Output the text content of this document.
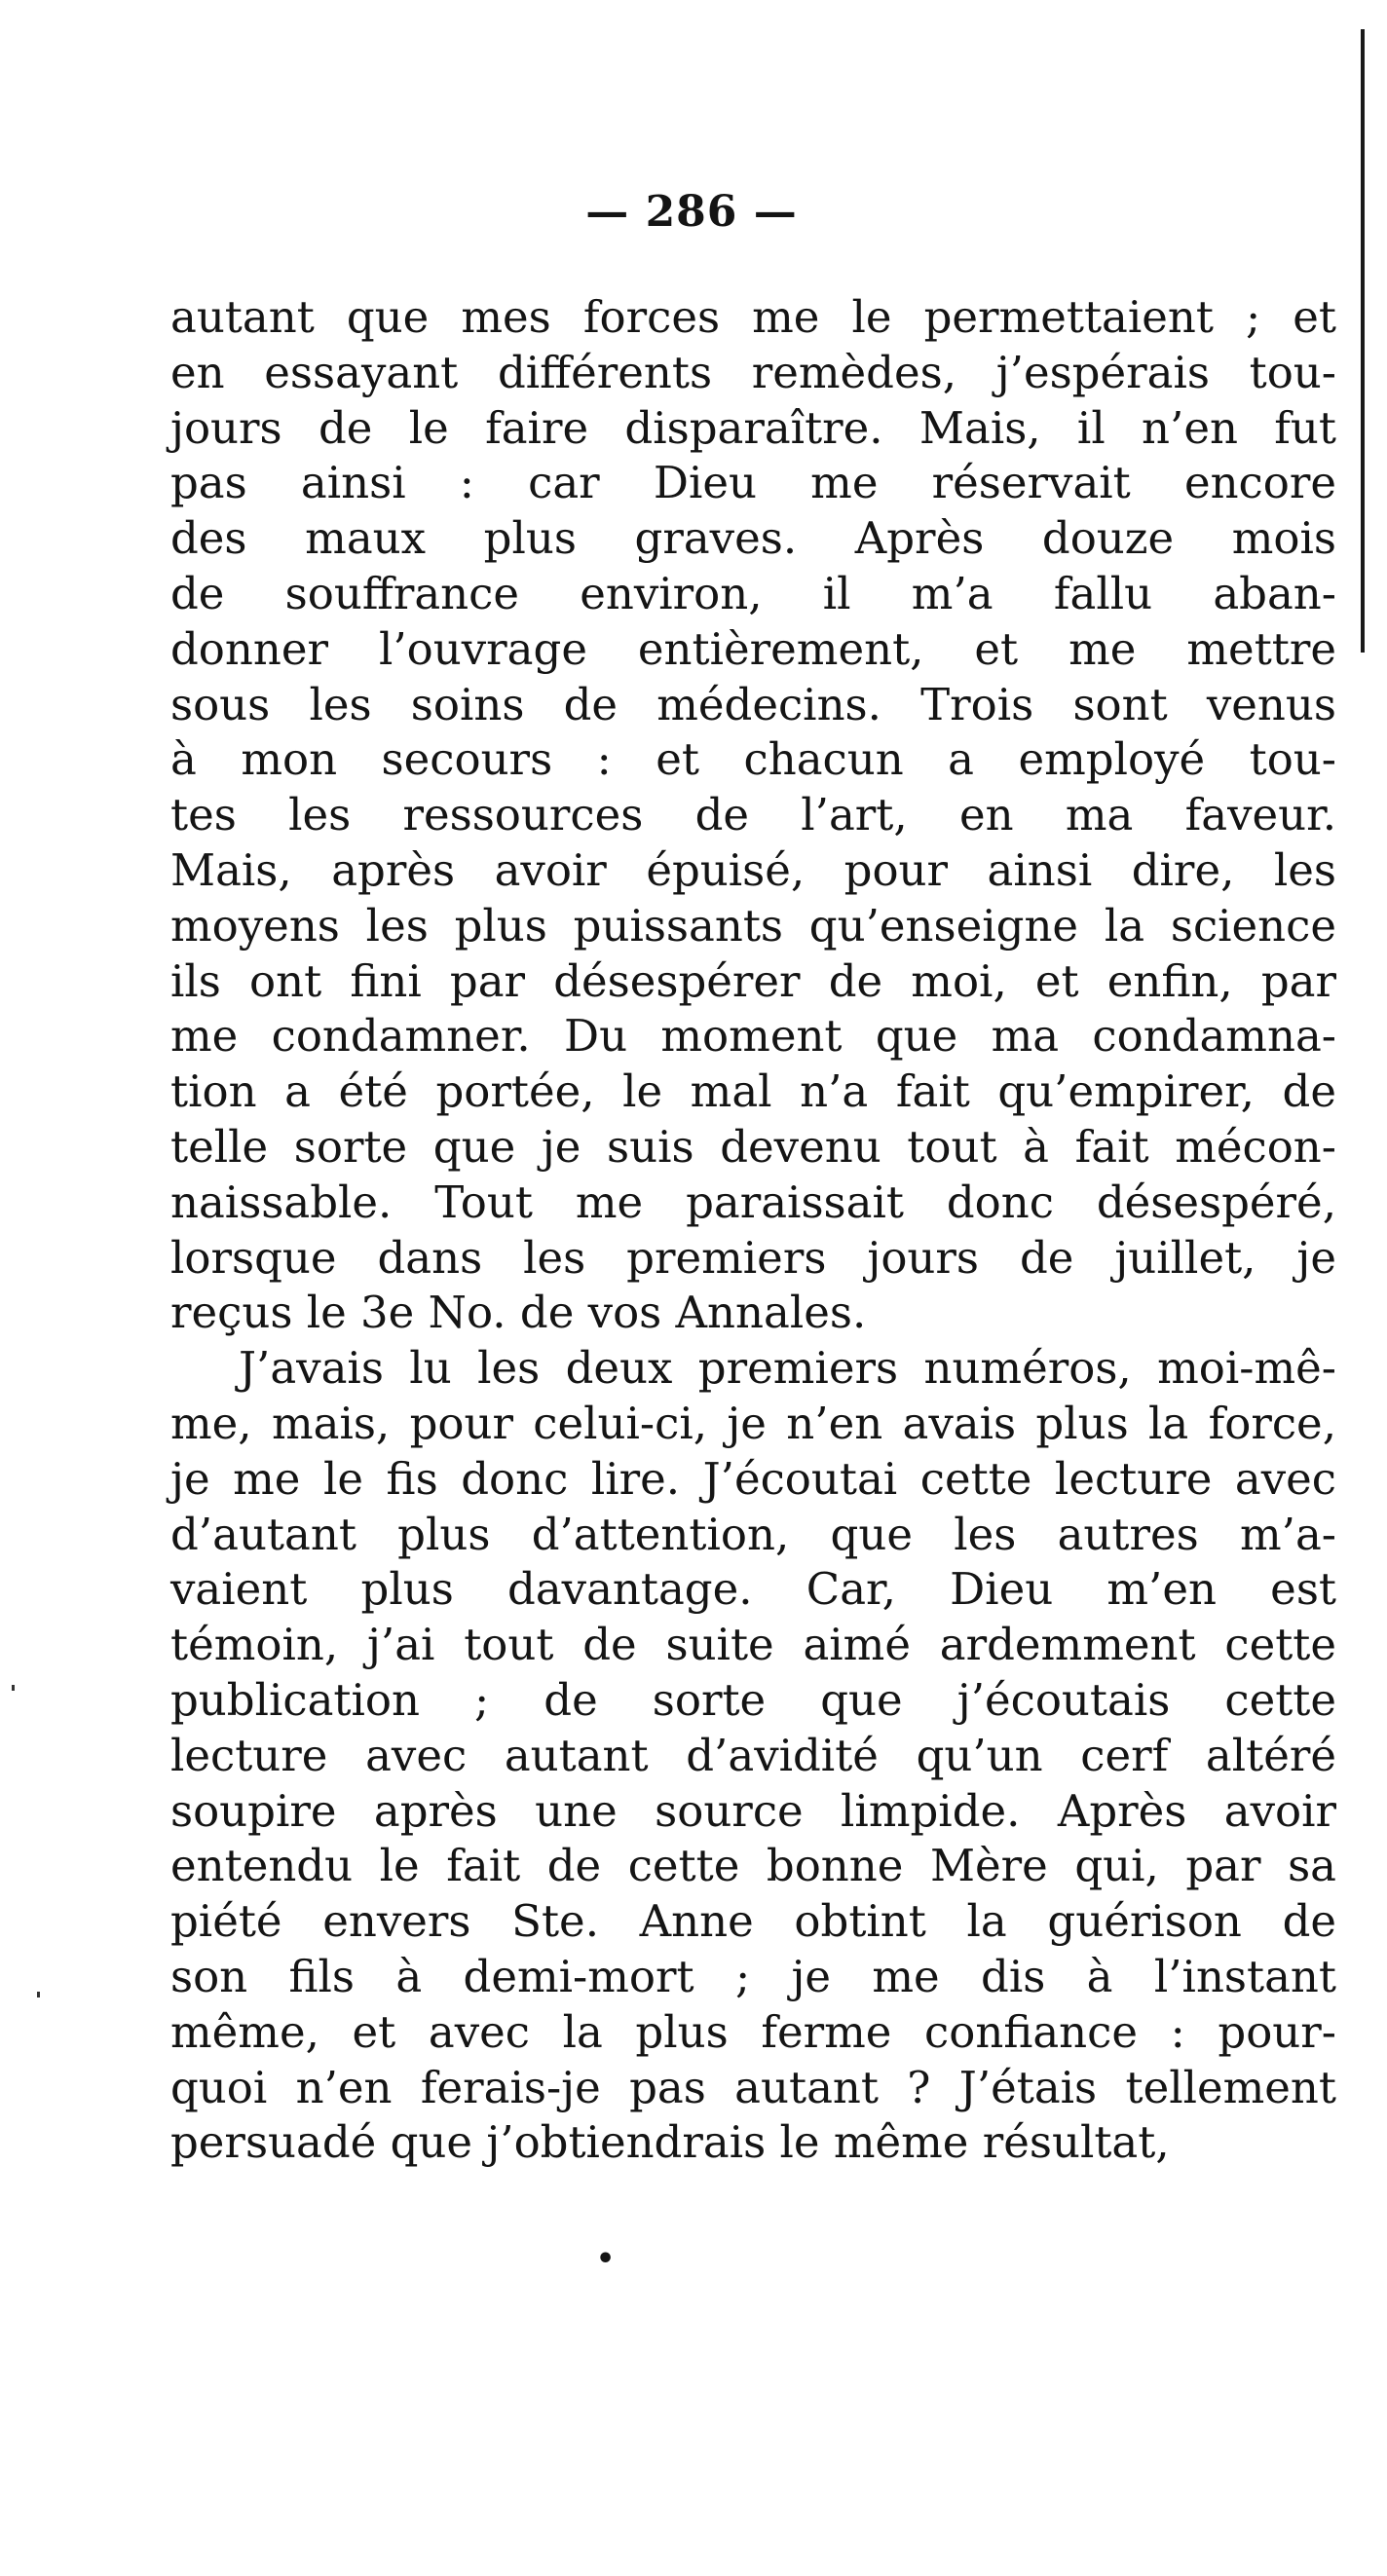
— 286 —
autant que mes forces me le permettaient ; et
en essayant différents remèdes, j’espérais tou-
jours de le faire disparaître. Mais, il n’en fut
pas ainsi : car Dieu me réservait encore
des maux plus graves. Après douze mois
de souffrance environ, il m’a fallu aban-
donner l’ouvrage entièrement, et me mettre
sous les soins de médecins. Trois sont venus
à mon secours : et chacun a employé tou-
tes les ressources de l’art, en ma faveur.
Mais, après avoir épuisé, pour ainsi dire, les
moyens les plus puissants qu’enseigne la science
ils ont fini par désespérer de moi, et enfin, par
me condamner. Du moment que ma condamna-
tion a été portée, le mal n’a fait qu’empirer, de
telle sorte que je suis devenu tout à fait mécon-
naissable. Tout me paraissait donc désespéré,
lorsque dans les premiers jours de juillet, je
reçus le 3e No. de vos Annales.
J’avais lu les deux premiers numéros, moi-mê-
me, mais, pour celui-ci, je n’en avais plus la force,
je me le fis donc lire. J’écoutai cette lecture avec
d’autant plus d’attention, que les autres m’a-
vaient plus davantage. Car, Dieu m’en est
témoin, j’ai tout de suite aimé ardemment cette
publication ; de sorte que j’écoutais cette
lecture avec autant d’avidité qu’un cerf altéré
soupire après une source limpide. Après avoir
entendu le fait de cette bonne Mère qui, par sa
piété envers Ste. Anne obtint la guérison de
son fils à demi-mort ; je me dis à l’instant
même, et avec la plus ferme confiance : pour-
quoi n’en ferais-je pas autant ? J’étais tellement
persuadé que j’obtiendrais le même résultat,
•
